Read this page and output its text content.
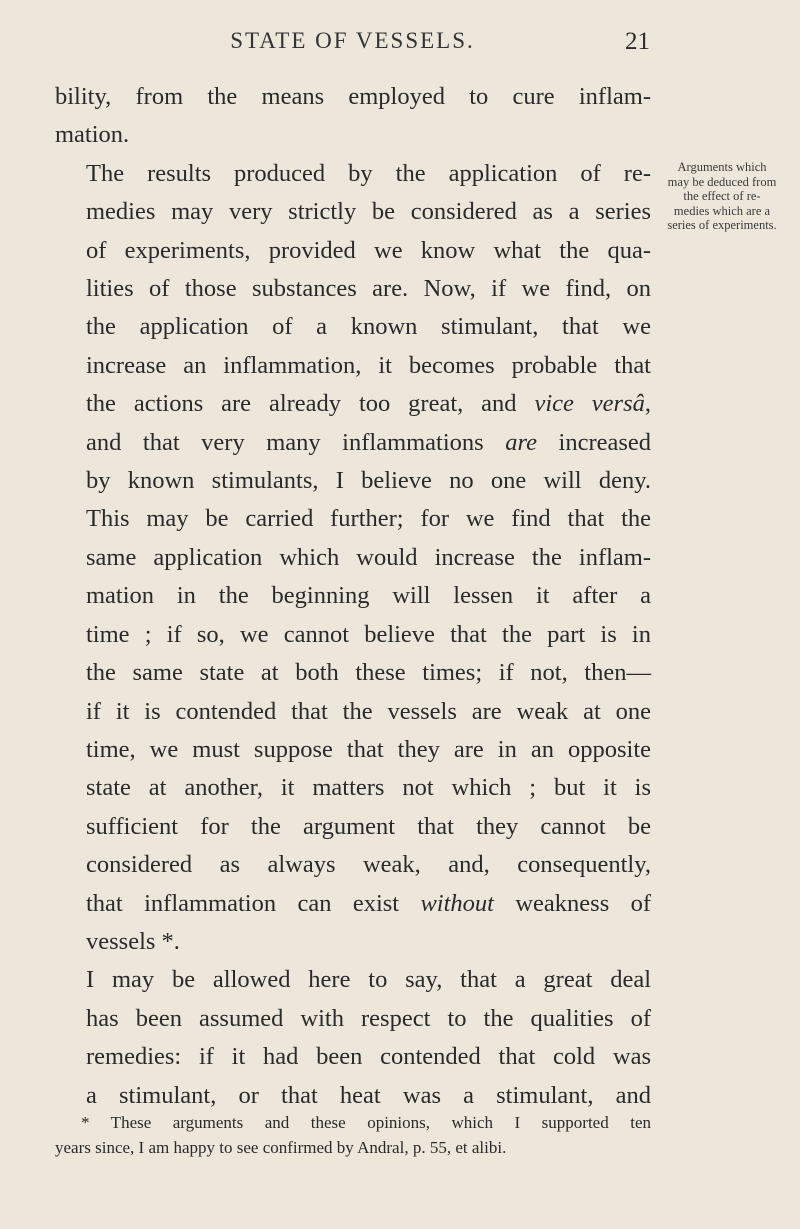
STATE OF VESSELS.	21

bility, from the means employed to cure inflam-
mation.

The results produced by the application of re-
medies may very strictly be considered as a series
of experiments, provided we know what the qua-
lities of those substances are. Now, if we find, on
the application of a known stimulant, that we
increase an inflammation, it becomes probable that
the actions are already too great, and vice versâ,
and that very many inflammations are increased
by known stimulants, I believe no one will deny.
This may be carried further; for we find that the
same application which would increase the inflam-
mation in the beginning will lessen it after a
time ; if so, we cannot believe that the part is in
the same state at both these times; if not, then—
if it is contended that the vessels are weak at one
time, we must suppose that they are in an opposite
state at another, it matters not which ; but it is
sufficient for the argument that they cannot be
considered as always weak, and, consequently,
that inflammation can exist without weakness of
vessels *.

I may be allowed here to say, that a great deal
has been assumed with respect to the qualities of
remedies: if it had been contended that cold was
a stimulant, or that heat was a stimulant, and

Arguments which may be deduced from the effect of re-medies which are a series of experiments.
* These arguments and these opinions, which I supported ten
years since, I am happy to see confirmed by Andral, p. 55, et alibi.
